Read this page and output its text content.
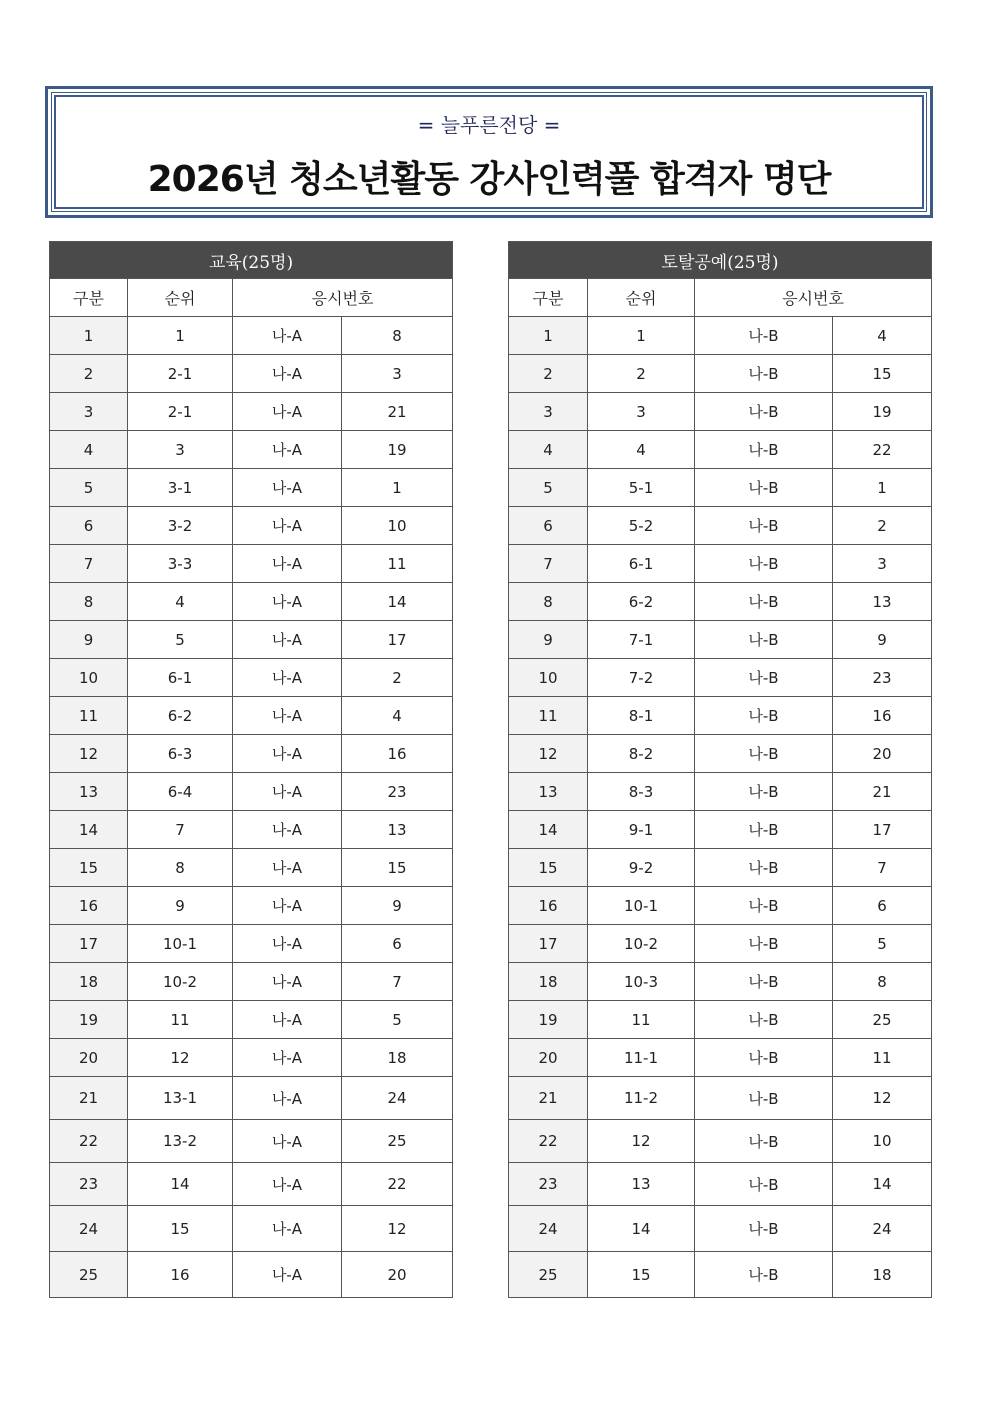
= 늘푸른전당 =
2026년 청소년활동 강사인력풀 합격자 명단
교육(25명)			
구분	순위	응시번호	
1	1	나-A	8
2	2-1	나-A	3
3	2-1	나-A	21
4	3	나-A	19
5	3-1	나-A	1
6	3-2	나-A	10
7	3-3	나-A	11
8	4	나-A	14
9	5	나-A	17
10	6-1	나-A	2
11	6-2	나-A	4
12	6-3	나-A	16
13	6-4	나-A	23
14	7	나-A	13
15	8	나-A	15
16	9	나-A	9
17	10-1	나-A	6
18	10-2	나-A	7
19	11	나-A	5
20	12	나-A	18
21	13-1	나-A	24
22	13-2	나-A	25
23	14	나-A	22
24	15	나-A	12
25	16	나-A	20
토탈공예(25명)			
구분	순위	응시번호	
1	1	나-B	4
2	2	나-B	15
3	3	나-B	19
4	4	나-B	22
5	5-1	나-B	1
6	5-2	나-B	2
7	6-1	나-B	3
8	6-2	나-B	13
9	7-1	나-B	9
10	7-2	나-B	23
11	8-1	나-B	16
12	8-2	나-B	20
13	8-3	나-B	21
14	9-1	나-B	17
15	9-2	나-B	7
16	10-1	나-B	6
17	10-2	나-B	5
18	10-3	나-B	8
19	11	나-B	25
20	11-1	나-B	11
21	11-2	나-B	12
22	12	나-B	10
23	13	나-B	14
24	14	나-B	24
25	15	나-B	18
